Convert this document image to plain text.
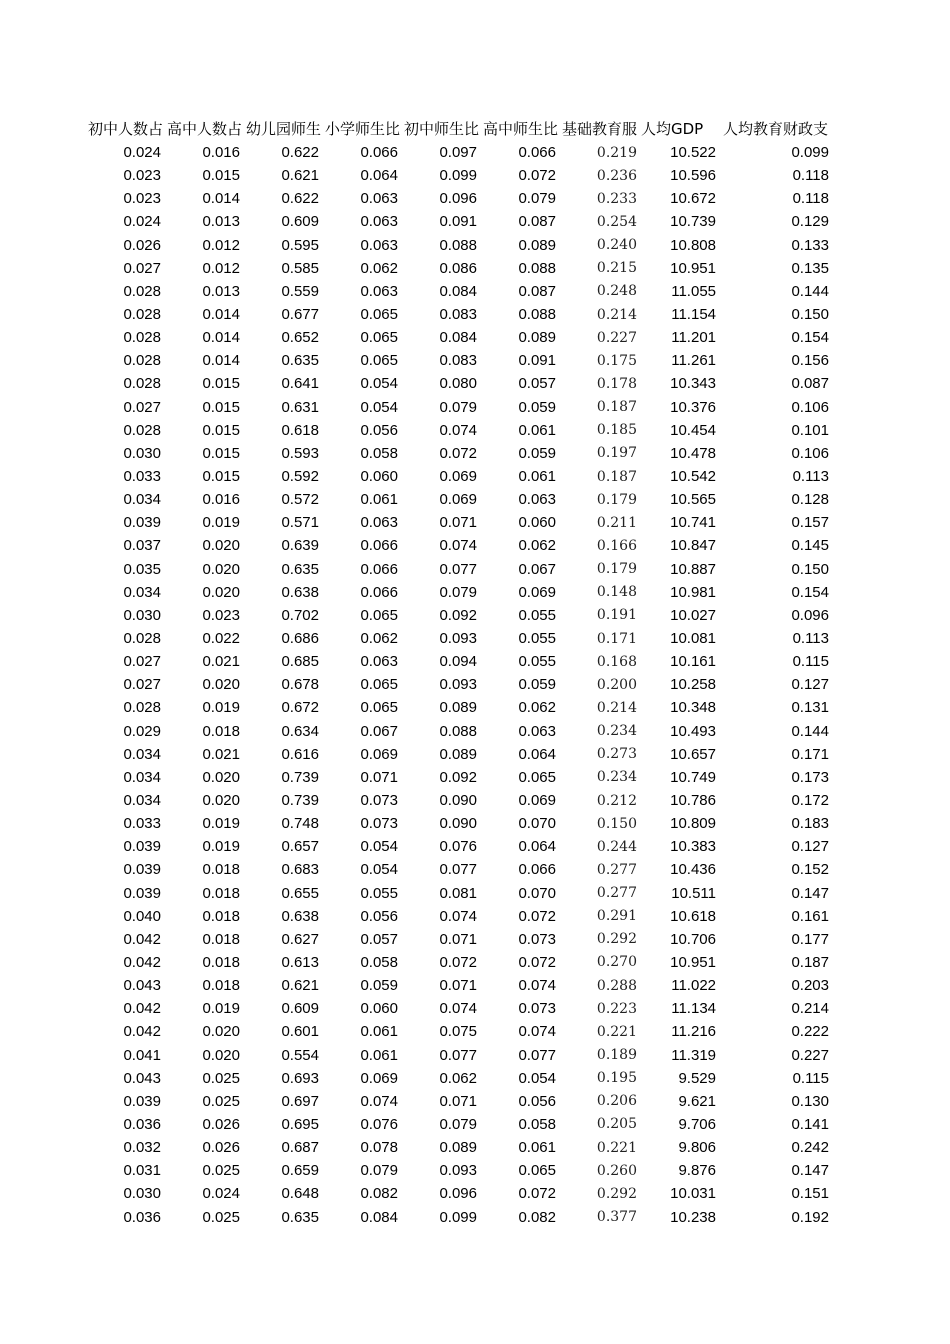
初中人数占	高中人数占	幼儿园师生	小学师生比	初中师生比	高中师生比	基础教育服	人均GDP	人均教育财政支
0.024	0.016	0.622	0.066	0.097	0.066	0.219	10.522	0.099
0.023	0.015	0.621	0.064	0.099	0.072	0.236	10.596	0.118
0.023	0.014	0.622	0.063	0.096	0.079	0.233	10.672	0.118
0.024	0.013	0.609	0.063	0.091	0.087	0.254	10.739	0.129
0.026	0.012	0.595	0.063	0.088	0.089	0.240	10.808	0.133
0.027	0.012	0.585	0.062	0.086	0.088	0.215	10.951	0.135
0.028	0.013	0.559	0.063	0.084	0.087	0.248	11.055	0.144
0.028	0.014	0.677	0.065	0.083	0.088	0.214	11.154	0.150
0.028	0.014	0.652	0.065	0.084	0.089	0.227	11.201	0.154
0.028	0.014	0.635	0.065	0.083	0.091	0.175	11.261	0.156
0.028	0.015	0.641	0.054	0.080	0.057	0.178	10.343	0.087
0.027	0.015	0.631	0.054	0.079	0.059	0.187	10.376	0.106
0.028	0.015	0.618	0.056	0.074	0.061	0.185	10.454	0.101
0.030	0.015	0.593	0.058	0.072	0.059	0.197	10.478	0.106
0.033	0.015	0.592	0.060	0.069	0.061	0.187	10.542	0.113
0.034	0.016	0.572	0.061	0.069	0.063	0.179	10.565	0.128
0.039	0.019	0.571	0.063	0.071	0.060	0.211	10.741	0.157
0.037	0.020	0.639	0.066	0.074	0.062	0.166	10.847	0.145
0.035	0.020	0.635	0.066	0.077	0.067	0.179	10.887	0.150
0.034	0.020	0.638	0.066	0.079	0.069	0.148	10.981	0.154
0.030	0.023	0.702	0.065	0.092	0.055	0.191	10.027	0.096
0.028	0.022	0.686	0.062	0.093	0.055	0.171	10.081	0.113
0.027	0.021	0.685	0.063	0.094	0.055	0.168	10.161	0.115
0.027	0.020	0.678	0.065	0.093	0.059	0.200	10.258	0.127
0.028	0.019	0.672	0.065	0.089	0.062	0.214	10.348	0.131
0.029	0.018	0.634	0.067	0.088	0.063	0.234	10.493	0.144
0.034	0.021	0.616	0.069	0.089	0.064	0.273	10.657	0.171
0.034	0.020	0.739	0.071	0.092	0.065	0.234	10.749	0.173
0.034	0.020	0.739	0.073	0.090	0.069	0.212	10.786	0.172
0.033	0.019	0.748	0.073	0.090	0.070	0.150	10.809	0.183
0.039	0.019	0.657	0.054	0.076	0.064	0.244	10.383	0.127
0.039	0.018	0.683	0.054	0.077	0.066	0.277	10.436	0.152
0.039	0.018	0.655	0.055	0.081	0.070	0.277	10.511	0.147
0.040	0.018	0.638	0.056	0.074	0.072	0.291	10.618	0.161
0.042	0.018	0.627	0.057	0.071	0.073	0.292	10.706	0.177
0.042	0.018	0.613	0.058	0.072	0.072	0.270	10.951	0.187
0.043	0.018	0.621	0.059	0.071	0.074	0.288	11.022	0.203
0.042	0.019	0.609	0.060	0.074	0.073	0.223	11.134	0.214
0.042	0.020	0.601	0.061	0.075	0.074	0.221	11.216	0.222
0.041	0.020	0.554	0.061	0.077	0.077	0.189	11.319	0.227
0.043	0.025	0.693	0.069	0.062	0.054	0.195	9.529	0.115
0.039	0.025	0.697	0.074	0.071	0.056	0.206	9.621	0.130
0.036	0.026	0.695	0.076	0.079	0.058	0.205	9.706	0.141
0.032	0.026	0.687	0.078	0.089	0.061	0.221	9.806	0.242
0.031	0.025	0.659	0.079	0.093	0.065	0.260	9.876	0.147
0.030	0.024	0.648	0.082	0.096	0.072	0.292	10.031	0.151
0.036	0.025	0.635	0.084	0.099	0.082	0.377	10.238	0.192
